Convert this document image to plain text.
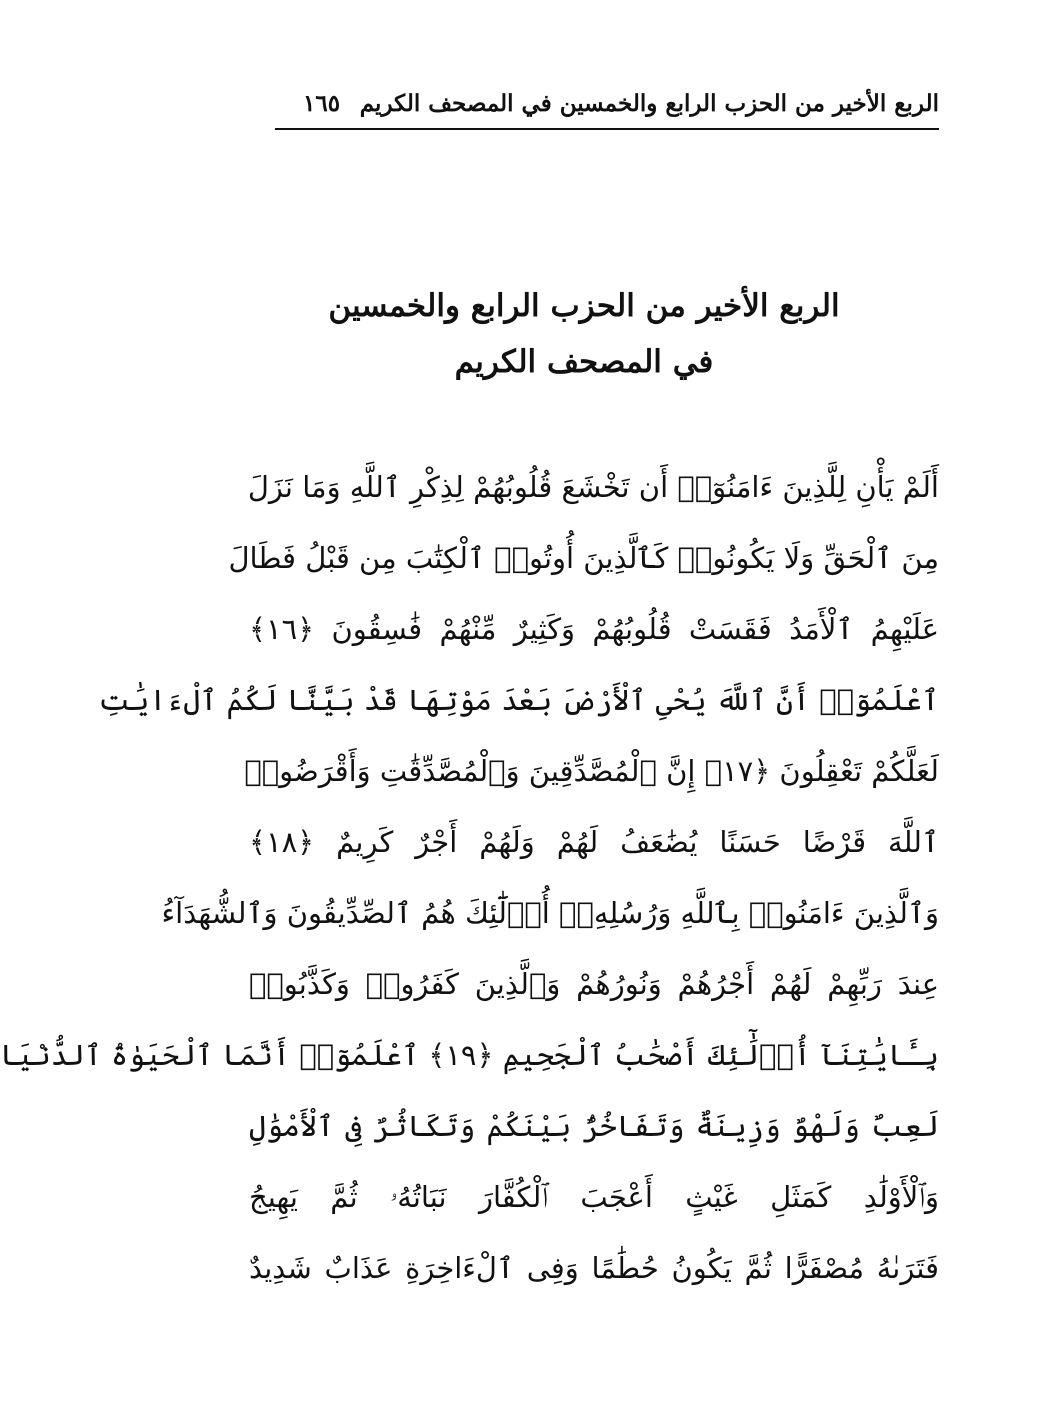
الربع الأخير من الحزب الرابع والخمسين في المصحف الكريم
١٦٥
الربع الأخير من الحزب الرابع والخمسين
في المصحف الكريم
أَلَمْ يَأْنِ لِلَّذِينَ ءَامَنُوٓا۟ أَن تَخْشَعَ قُلُوبُهُمْ لِذِكْرِ ٱللَّهِ وَمَا نَزَلَ
مِنَ ٱلْحَقِّ وَلَا يَكُونُوا۟ كَٱلَّذِينَ أُوتُوا۟ ٱلْكِتَٰبَ مِن قَبْلُ فَطَالَ
عَلَيْهِمُ ٱلْأَمَدُ فَقَسَتْ قُلُوبُهُمْ وَكَثِيرٌ مِّنْهُمْ فَٰسِقُونَ ﴿١٦﴾
ٱعْلَمُوٓا۟ أَنَّ ٱللَّهَ يُحْىِ ٱلْأَرْضَ بَعْدَ مَوْتِهَا قَدْ بَيَّنَّا لَكُمُ ٱلْءَايَٰتِ
لَعَلَّكُمْ تَعْقِلُونَ ﴿١٧﴾ إِنَّ ٱلْمُصَّدِّقِينَ وَٱلْمُصَّدِّقَٰتِ وَأَقْرَضُوا۟
ٱللَّهَ قَرْضًا حَسَنًا يُضَٰعَفُ لَهُمْ وَلَهُمْ أَجْرٌ كَرِيمٌ ﴿١٨﴾
وَٱلَّذِينَ ءَامَنُوا۟ بِٱللَّهِ وَرُسُلِهِۦٓ أُو۟لَٰٓئِكَ هُمُ ٱلصِّدِّيقُونَ وَٱلشُّهَدَآءُ
عِندَ رَبِّهِمْ لَهُمْ أَجْرُهُمْ وَنُورُهُمْ وَٱلَّذِينَ كَفَرُوا۟ وَكَذَّبُوا۟
بِـَٔايَٰتِنَآ أُو۟لَٰٓئِكَ أَصْحَٰبُ ٱلْجَحِيمِ ﴿١٩﴾ ٱعْلَمُوٓا۟ أَنَّمَا ٱلْحَيَوٰةُ ٱلدُّنْيَا
لَعِبٌ وَلَهْوٌ وَزِينَةٌ وَتَفَاخُرٌۢ بَيْنَكُمْ وَتَكَاثُرٌ فِى ٱلْأَمْوَٰلِ
وَٱلْأَوْلَٰدِ كَمَثَلِ غَيْثٍ أَعْجَبَ ٱلْكُفَّارَ نَبَاتُهُۥ ثُمَّ يَهِيجُ
فَتَرَىٰهُ مُصْفَرًّا ثُمَّ يَكُونُ حُطَٰمًا وَفِى ٱلْءَاخِرَةِ عَذَابٌ شَدِيدٌ
